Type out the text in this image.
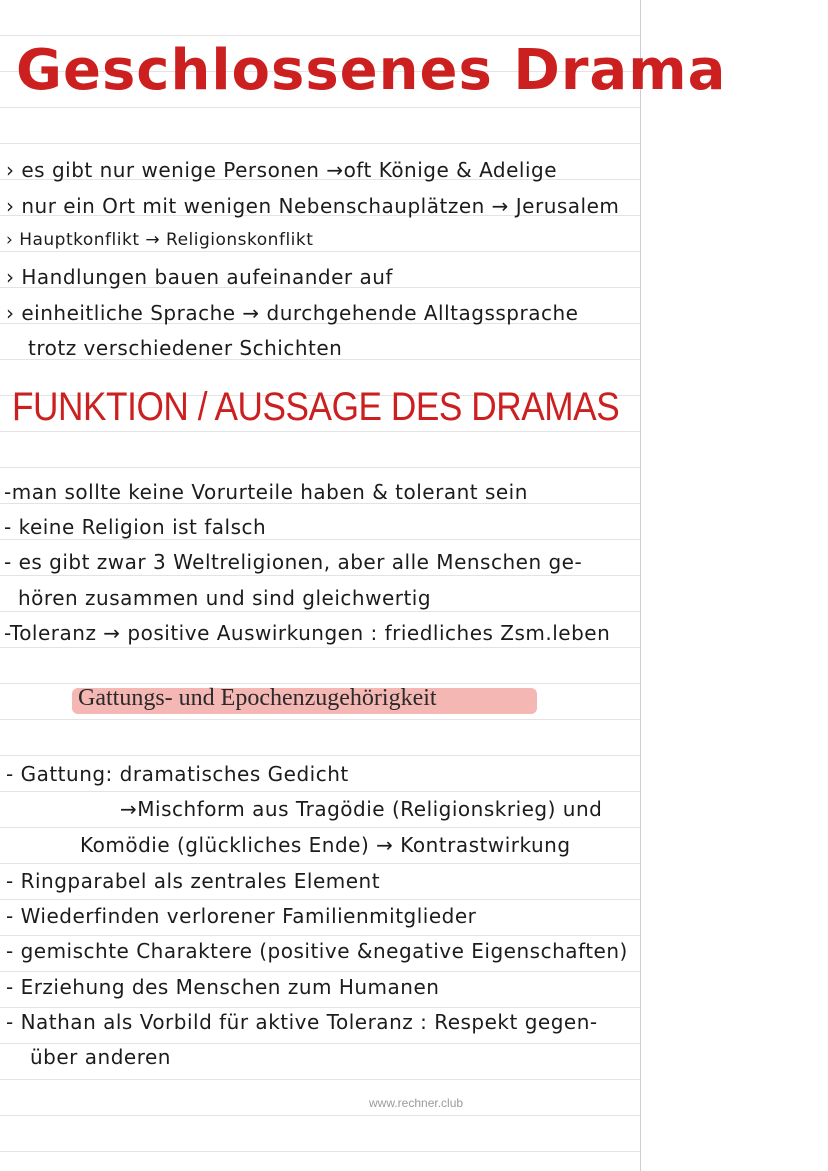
Geschlossenes Drama
› es gibt nur wenige Personen →oft Könige & Adelige
› nur ein Ort mit wenigen Nebenschauplätzen → Jerusalem
› Hauptkonflikt → Religionskonflikt
› Handlungen bauen aufeinander auf
› einheitliche Sprache → durchgehende Alltagssprache
trotz verschiedener Schichten
FUNKTION / AUSSAGE DES DRAMAS
-man sollte keine Vorurteile haben & tolerant sein
- keine Religion ist falsch
- es gibt zwar 3 Weltreligionen, aber alle Menschen ge-
hören zusammen und sind gleichwertig
-Toleranz → positive Auswirkungen : friedliches Zsm.leben
Gattungs- und Epochenzugehörigkeit
- Gattung: dramatisches Gedicht
→Mischform aus Tragödie (Religionskrieg) und
Komödie (glückliches Ende) → Kontrastwirkung
- Ringparabel als zentrales Element
- Wiederfinden verlorener Familienmitglieder
- gemischte Charaktere (positive &negative Eigenschaften)
- Erziehung des Menschen zum Humanen
- Nathan als Vorbild für aktive Toleranz : Respekt gegen-
über anderen
www.rechner.club
